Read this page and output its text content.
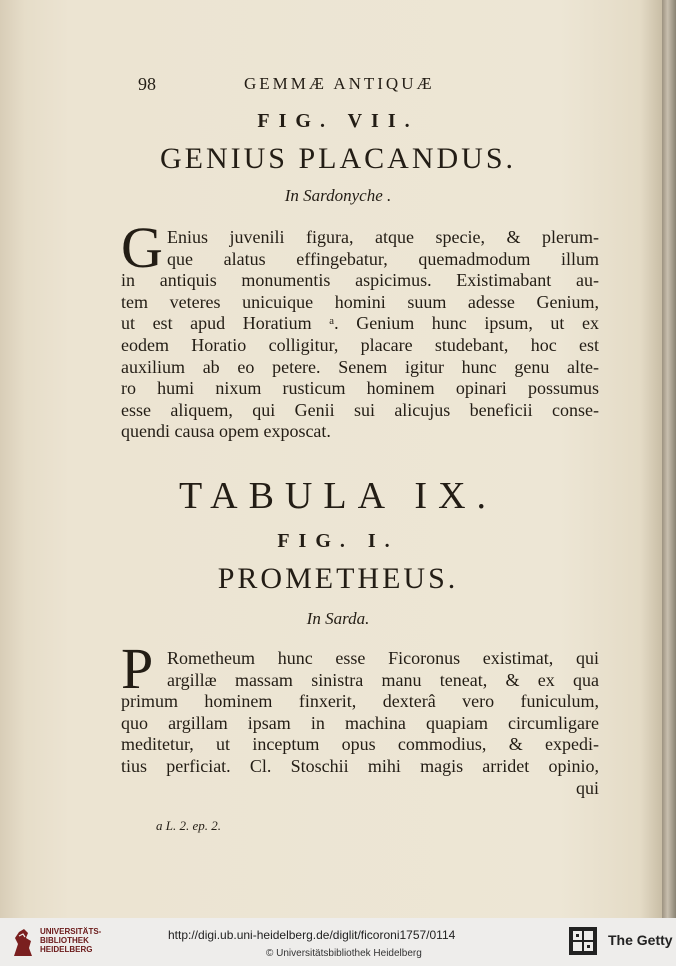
98	GEMMÆ ANTIQUÆ
FIG. VII.
GENIUS PLACANDUS.
In Sardonyche .
G Enius juvenili figura, atque specie, & plerum-
que alatus effingebatur, quemadmodum illum
in antiquis monumentis aspicimus. Existimabant au-
tem veteres unicuique homini suum adesse Genium,
ut est apud Horatium ᵃ. Genium hunc ipsum, ut ex
eodem Horatio colligitur, placare studebant, hoc est
auxilium ab eo petere. Senem igitur hunc genu alte-
ro humi nixum rusticum hominem opinari possumus
esse aliquem, qui Genii sui alicujus beneficii conse-
quendi causa opem exposcat.
TABULA IX.
FIG. I.
PROMETHEUS.
In Sarda.
P Rometheum hunc esse Ficoronus existimat, qui
argillæ massam sinistra manu teneat, & ex qua
primum hominem finxerit, dexterâ vero funiculum,
quo argillam ipsam in machina quapiam circumligare
meditetur, ut inceptum opus commodius, & expedi-
tius perficiat. Cl. Stoschii mihi magis arridet opinio,
qui
a L. 2. ep. 2.
UNIVERSITÄTS-
BIBLIOTHEK
HEIDELBERG
http://digi.ub.uni-heidelberg.de/diglit/ficoroni1757/0114
© Universitätsbibliothek Heidelberg
The Getty
